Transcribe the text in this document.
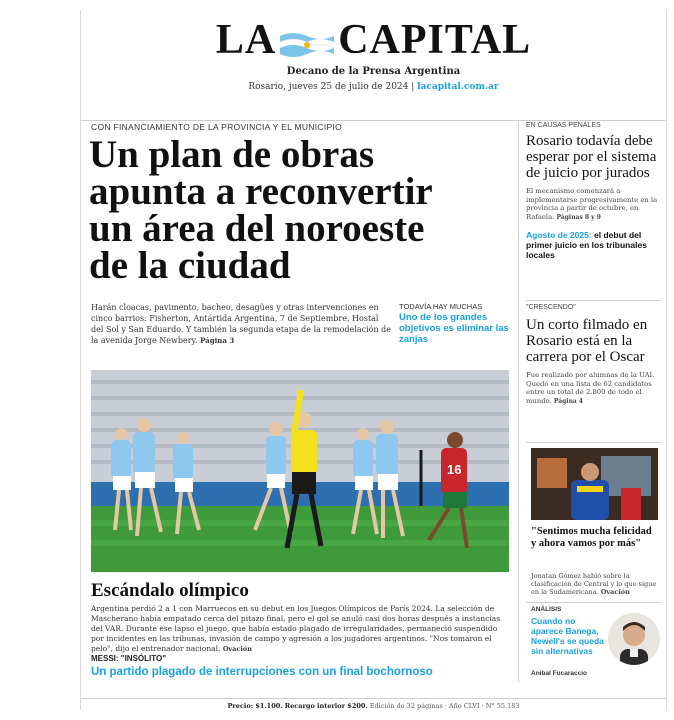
LA CAPITAL
Decano de la Prensa Argentina
Rosario, jueves 25 de julio de 2024 | lacapital.com.ar
CON FINANCIAMIENTO DE LA PROVINCIA Y EL MUNICIPIO
Un plan de obras
apunta a reconvertir
un área del noroeste
de la ciudad
Harán cloacas, pavimento, bacheo, desagües y otras intervenciones en cinco barrios: Fisherton, Antártida Argentina, 7 de Septiembre, Hostal del Sol y San Eduardo. Y también la segunda etapa de la remodelación de la avenida Jorge Newbery. Página 3
TODAVÍA HAY MUCHAS
Uno de los grandes objetivos es eliminar las zanjas
16
Escándalo olímpico
Argentina perdió 2 a 1 con Marruecos en su debut en los Juegos Olímpicos de París 2024. La selección de Mascherano había empatado cerca del pitazo final, pero el gol se anuló casi dos horas después a instancias del VAR. Durante ese lapso el juego, que había estado plagado de irregularidades, permaneció suspendido por incidentes en las tribunas, invasión de campo y agresión a los jugadores argentinos. "Nos tomaron el pelo", dijo el entrenador nacional. Ovación
MESSI: "INSÓLITO"
Un partido plagado de interrupciones con un final bochornoso
EN CAUSAS PENALES
Rosario todavía debe esperar por el sistema de juicio por jurados
El mecanismo comenzará a implementarse progresivamente en la provincia a partir de octubre, en Rafaela. Páginas 8 y 9
Agosto de 2025: el debut del primer juicio en los tribunales locales
"CRESCENDO"
Un corto filmado en Rosario está en la carrera por el Oscar
Fue realizado por alumnas de la UAI. Quedó en una lista de 62 candidatos entre un total de 2.800 de todo el mundo. Página 4
"Sentimos mucha felicidad y ahora vamos por más"
Jonatan Gómez habló sobre la clasificación de Central y lo que sigue en la Sudamericana. Ovación
ANÁLISIS
Cuando no aparece Banega, Newell's se queda sin alternativas
Aníbal Fucaraccio
Precio: $1.100. Recargo interior $200. Edición de 32 páginas · Año CLVI · N° 55.183
